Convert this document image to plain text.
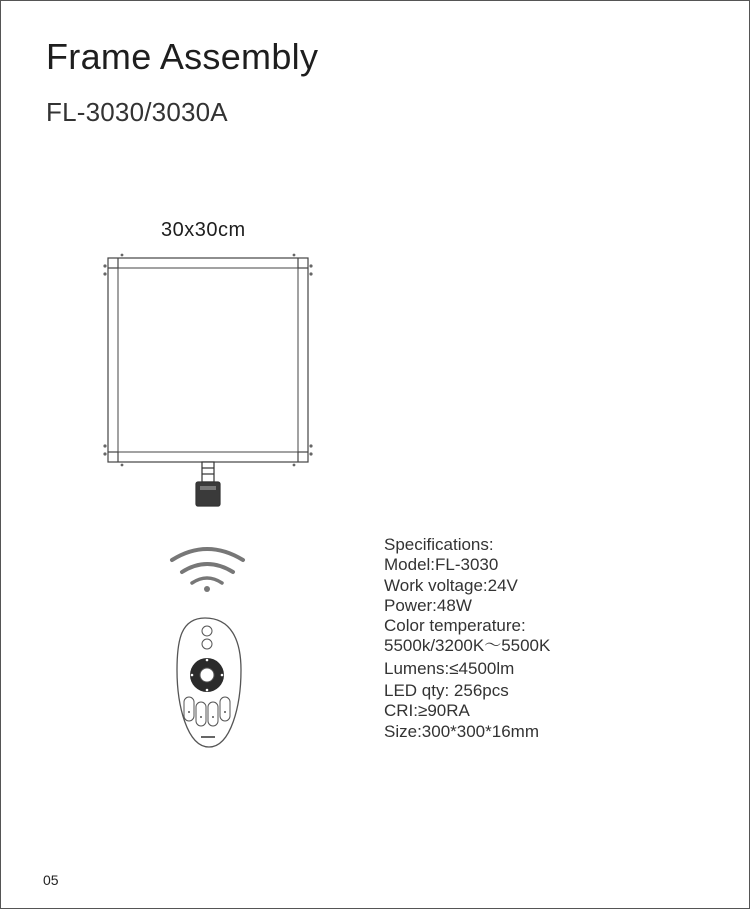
Frame Assembly
FL-3030/3030A
30x30cm
Specifications:
Model:FL-3030
Work voltage:24V
Power:48W
Color temperature:
5500k/3200K〜5500K
Lumens:≤4500lm
LED qty: 256pcs
CRI:≥90RA
Size:300*300*16mm
05
